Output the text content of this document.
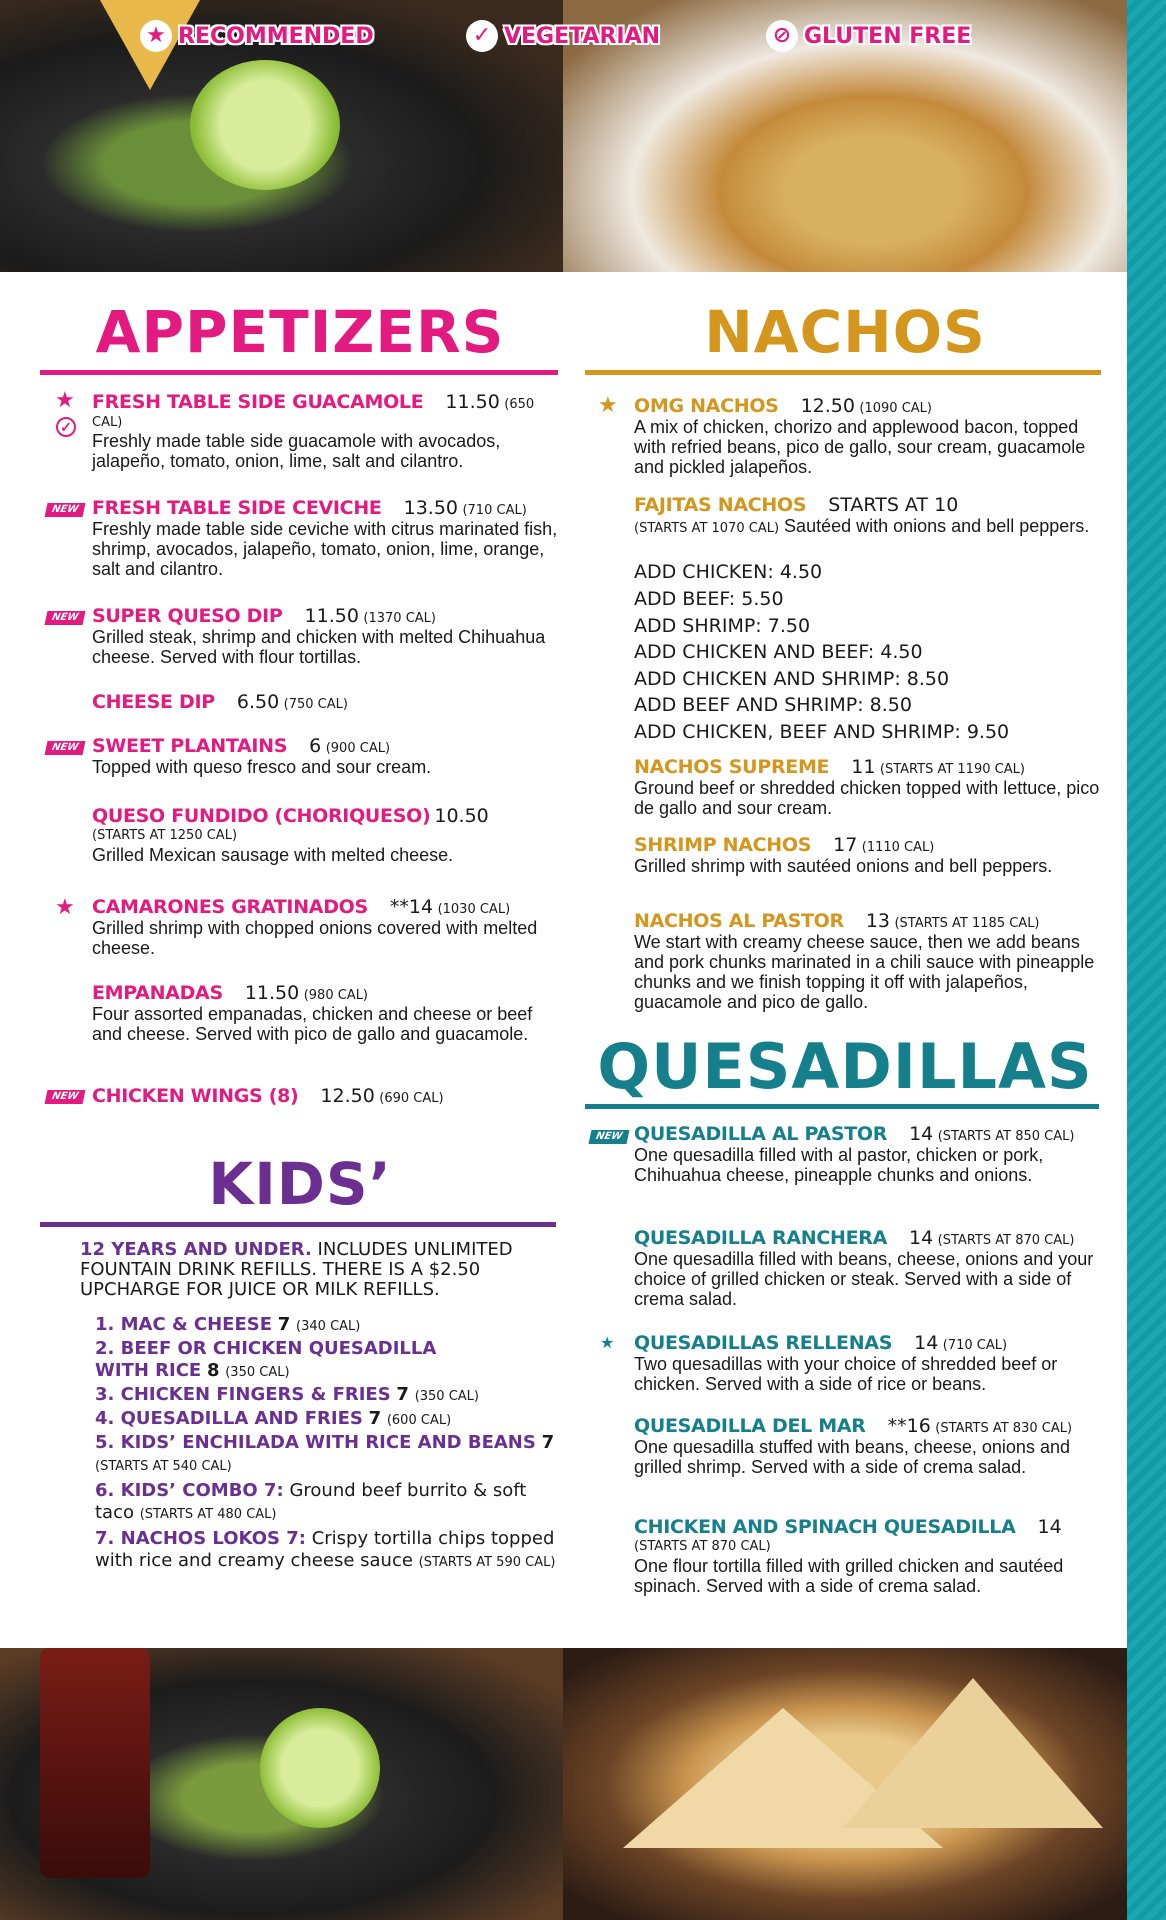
★ RECOMMENDED	✓ VEGETARIAN	⊘ GLUTEN FREE
APPETIZERS
★
✓
FRESH TABLE SIDE GUACAMOLE 11.50 (650 CAL)
Freshly made table side guacamole with avocados, jalapeño, tomato, onion, lime, salt and cilantro.
NEW FRESH TABLE SIDE CEVICHE 13.50 (710 CAL)
Freshly made table side ceviche with citrus marinated fish, shrimp, avocados, jalapeño, tomato, onion, lime, orange, salt and cilantro.
NEW SUPER QUESO DIP 11.50 (1370 CAL)
Grilled steak, shrimp and chicken with melted Chihuahua cheese. Served with flour tortillas.
CHEESE DIP 6.50 (750 CAL)
NEW SWEET PLANTAINS 6 (900 CAL)
Topped with queso fresco and sour cream.
QUESO FUNDIDO (CHORIQUESO) 10.50
(STARTS AT 1250 CAL)
Grilled Mexican sausage with melted cheese.
★ CAMARONES GRATINADOS **14 (1030 CAL)
Grilled shrimp with chopped onions covered with melted cheese.
EMPANADAS 11.50 (980 CAL)
Four assorted empanadas, chicken and cheese or beef and cheese. Served with pico de gallo and guacamole.
NEW CHICKEN WINGS (8) 12.50 (690 CAL)
KIDS’
12 YEARS AND UNDER. INCLUDES UNLIMITED FOUNTAIN DRINK REFILLS. THERE IS A $2.50 UPCHARGE FOR JUICE OR MILK REFILLS.
1. MAC & CHEESE 7 (340 CAL)
2. BEEF OR CHICKEN QUESADILLA WITH RICE 8 (350 CAL)
3. CHICKEN FINGERS & FRIES 7 (350 CAL)
4. QUESADILLA AND FRIES 7 (600 CAL)
5. KIDS’ ENCHILADA WITH RICE AND BEANS 7
(STARTS AT 540 CAL)
6. KIDS’ COMBO 7: Ground beef burrito & soft taco (STARTS AT 480 CAL)
7. NACHOS LOKOS 7: Crispy tortilla chips topped with rice and creamy cheese sauce (STARTS AT 590 CAL)
NACHOS
★ OMG NACHOS 12.50 (1090 CAL)
A mix of chicken, chorizo and applewood bacon, topped with refried beans, pico de gallo, sour cream, guacamole and pickled jalapeños.
FAJITAS NACHOS STARTS AT 10
(STARTS AT 1070 CAL) Sautéed with onions and bell peppers.
ADD CHICKEN: 4.50
ADD BEEF: 5.50
ADD SHRIMP: 7.50
ADD CHICKEN AND BEEF: 4.50
ADD CHICKEN AND SHRIMP: 8.50
ADD BEEF AND SHRIMP: 8.50
ADD CHICKEN, BEEF AND SHRIMP: 9.50
NACHOS SUPREME 11 (STARTS AT 1190 CAL)
Ground beef or shredded chicken topped with lettuce, pico de gallo and sour cream.
SHRIMP NACHOS 17 (1110 CAL)
Grilled shrimp with sautéed onions and bell peppers.
NACHOS AL PASTOR 13 (STARTS AT 1185 CAL)
We start with creamy cheese sauce, then we add beans and pork chunks marinated in a chili sauce with pineapple chunks and we finish topping it off with jalapeños, guacamole and pico de gallo.
QUESADILLAS
NEW QUESADILLA AL PASTOR 14 (STARTS AT 850 CAL)
One quesadilla filled with al pastor, chicken or pork, Chihuahua cheese, pineapple chunks and onions.
QUESADILLA RANCHERA 14 (STARTS AT 870 CAL)
One quesadilla filled with beans, cheese, onions and your choice of grilled chicken or steak. Served with a side of crema salad.
★ QUESADILLAS RELLENAS 14 (710 CAL)
Two quesadillas with your choice of shredded beef or chicken. Served with a side of rice or beans.
QUESADILLA DEL MAR **16 (STARTS AT 830 CAL)
One quesadilla stuffed with beans, cheese, onions and grilled shrimp. Served with a side of crema salad.
CHICKEN AND SPINACH QUESADILLA 14
(STARTS AT 870 CAL)
One flour tortilla filled with grilled chicken and sautéed spinach. Served with a side of crema salad.
